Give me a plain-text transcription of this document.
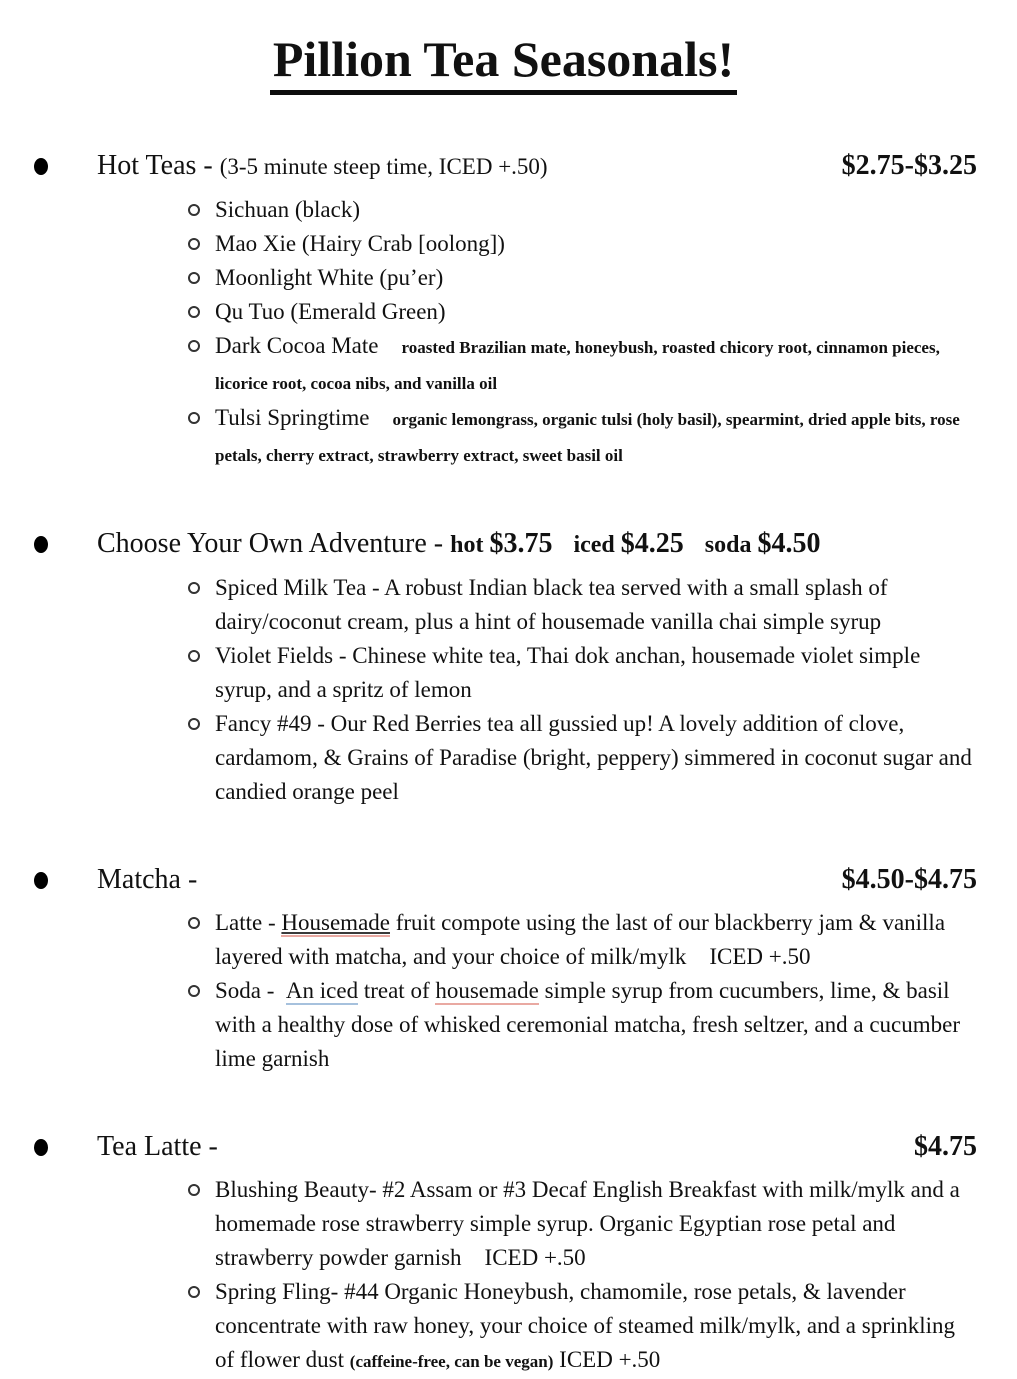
Pillion Tea Seasonals!
Hot Teas - (3-5 minute steep time, ICED +.50)	$2.75-$3.25
Sichuan (black)
Mao Xie (Hairy Crab [oolong])
Moonlight White (pu’er)
Qu Tuo (Emerald Green)
Dark Cocoa Mate roasted Brazilian mate, honeybush, roasted chicory root, cinnamon pieces, licorice root, cocoa nibs, and vanilla oil
Tulsi Springtime organic lemongrass, organic tulsi (holy basil), spearmint, dried apple bits, rose petals, cherry extract, strawberry extract, sweet basil oil
Choose Your Own Adventure - hot $3.75 iced $4.25 soda $4.50
Spiced Milk Tea - A robust Indian black tea served with a small splash of dairy/coconut cream, plus a hint of housemade vanilla chai simple syrup
Violet Fields - Chinese white tea, Thai dok anchan, housemade violet simple syrup, and a spritz of lemon
Fancy #49 - Our Red Berries tea all gussied up! A lovely addition of clove, cardamom, & Grains of Paradise (bright, peppery) simmered in coconut sugar and candied orange peel
Matcha -	$4.50-$4.75
Latte - Housemade fruit compote using the last of our blackberry jam & vanilla layered with matcha, and your choice of milk/mylk    ICED +.50
Soda -  An iced treat of housemade simple syrup from cucumbers, lime, & basil with a healthy dose of whisked ceremonial matcha, fresh seltzer, and a cucumber lime garnish
Tea Latte -	$4.75
Blushing Beauty- #2 Assam or #3 Decaf English Breakfast with milk/mylk and a homemade rose strawberry simple syrup. Organic Egyptian rose petal and strawberry powder garnish    ICED +.50
Spring Fling- #44 Organic Honeybush, chamomile, rose petals, & lavender concentrate with raw honey, your choice of steamed milk/mylk, and a sprinkling of flower dust (caffeine-free, can be vegan) ICED +.50
